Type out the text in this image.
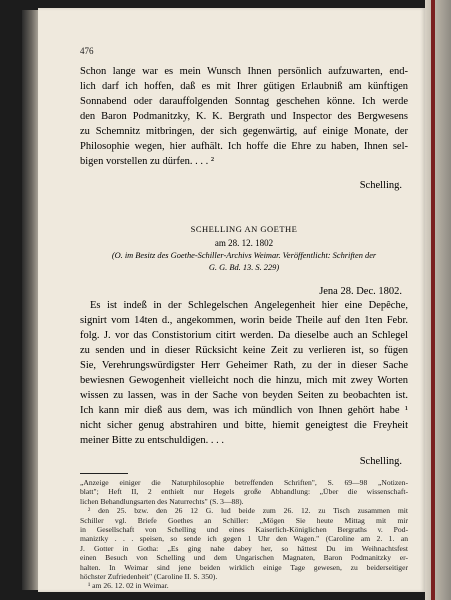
476
Schon lange war es mein Wunsch Ihnen persönlich aufzuwarten, end-
lich darf ich hoffen, daß es mit Ihrer gütigen Erlaubniß am künftigen
Sonnabend oder darauffolgenden Sonntag geschehen könne. Ich werde
den Baron Podmanitzky, K. K. Bergrath und Inspector des Bergwesens
zu Schemnitz mitbringen, der sich gegenwärtig, auf einige Monate, der
Philosophie wegen, hier aufhält. Ich hoffe die Ehre zu haben, Ihnen sel-
bigen vorstellen zu dürfen. . . . ²
Schelling.
SCHELLING AN GOETHE
am 28. 12. 1802
(O. im Besitz des Goethe-Schiller-Archivs Weimar. Veröffentlicht: Schriften der
G. G. Bd. 13. S. 229)
Jena 28. Dec. 1802.
Es ist indeß in der Schlegelschen Angelegenheit hier eine Depêche,
signirt vom 14ten d., angekommen, worin beide Theile auf den 1ten Febr.
folg. J. vor das Constistorium citirt werden. Da dieselbe auch an Schlegel
zu senden und in dieser Rücksicht keine Zeit zu verlieren ist, so fügen
Sie, Verehrungswürdigster Herr Geheimer Rath, zu der in dieser Sache
bewiesnen Gewogenheit vielleicht noch die hinzu, mich mit zwey Worten
wissen zu lassen, was in der Sache von beyden Seiten zu beobachten ist.
Ich kann mir dieß aus dem, was ich mündlich von Ihnen gehört habe ¹
nicht sicher genug abstrahiren und bitte, hiemit geneigtest die Freyheit
meiner Bitte zu entschuldigen. . . .
Schelling.
„Anzeige einiger die Naturphilosophie betreffenden Schriften", S. 69—98 „Notizen-
blatt"; Heft II, 2 enthielt nur Hegels große Abhandlung: „Über die wissenschaft-
lichen Behandlungsarten des Naturrechts" (S. 3—88).
² den 25. bzw. den 26 12 G. lud beide zum 26. 12. zu Tisch zusammen mit
Schiller vgl. Briefe Goethes an Schiller: „Mögen Sie heute Mittag mit mir
in Gesellschaft von Schelling und eines Kaiserlich-Königlichen Bergraths v. Pod-
maniztky . . . speisen, so sende ich gegen 1 Uhr den Wagen." (Caroline am 2. 1. an
J. Gotter in Gotha: „Es ging nahe dabey her, so hättest Du im Weihnachtsfest
einen Besuch von Schelling und dem Ungarischen Magnaten, Baron Podmanitzky er-
halten. In Weimar sind jene beiden wirklich einige Tage gewesen, zu beiderseitiger
höchster Zufriedenheit" (Caroline II. S. 350).
¹ am 26. 12. 02 in Weimar.
